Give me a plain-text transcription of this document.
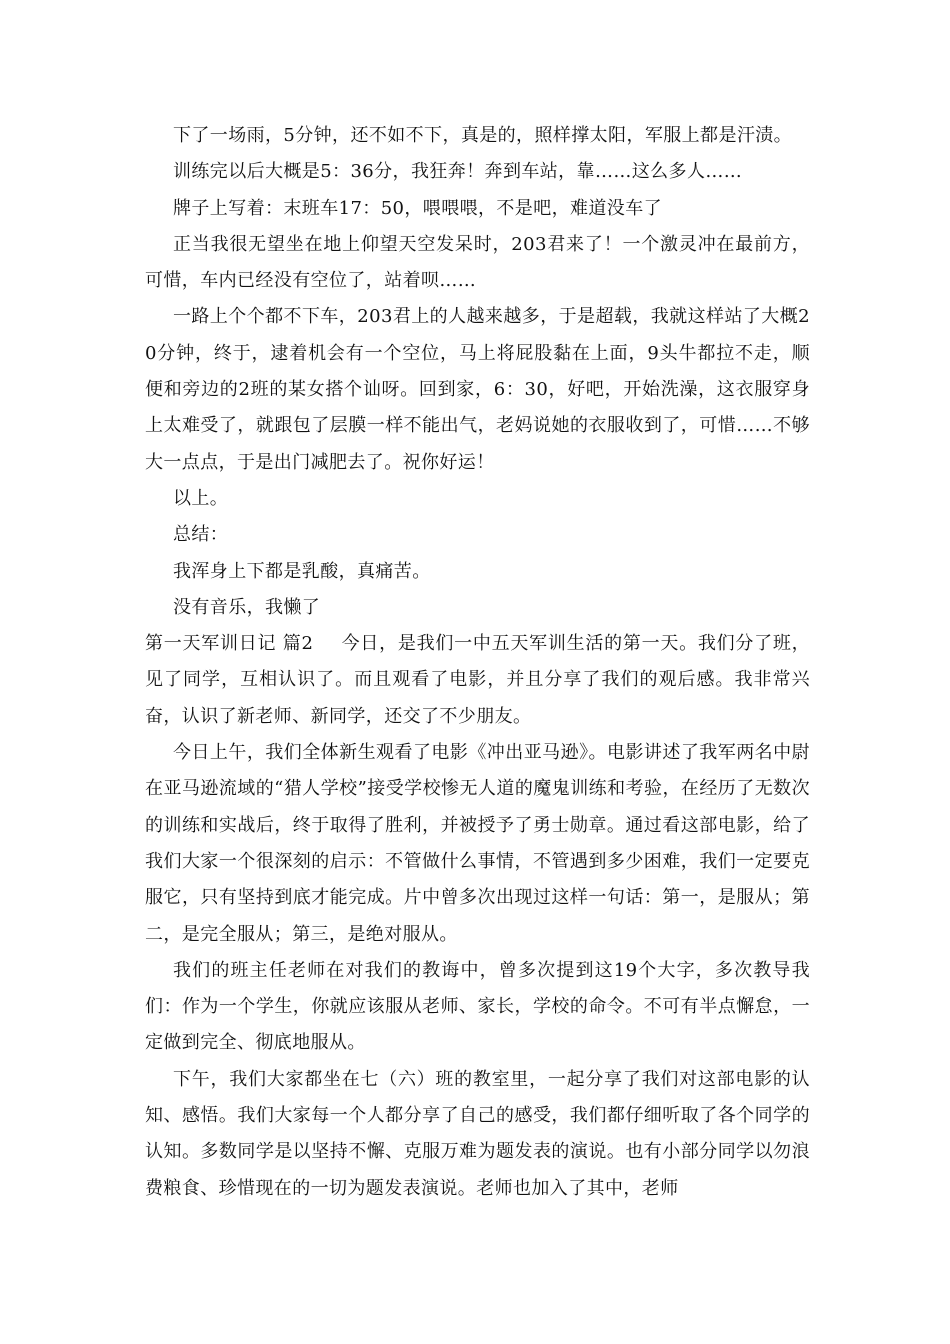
下了一场雨，5分钟，还不如不下，真是的，照样撑太阳，军服上都是汗渍。

训练完以后大概是5：36分，我狂奔！奔到车站，靠……这么多人……

牌子上写着：末班车17：50，喂喂喂，不是吧，难道没车了

正当我很无望坐在地上仰望天空发呆时，203君来了！一个激灵冲在最前方，可惜，车内已经没有空位了，站着呗……

一路上个个都不下车，203君上的人越来越多，于是超载，我就这样站了大概20分钟，终于，逮着机会有一个空位，马上将屁股黏在上面，9头牛都拉不走，顺便和旁边的2班的某女搭个讪呀。回到家，6：30，好吧，开始洗澡，这衣服穿身上太难受了，就跟包了层膜一样不能出气，老妈说她的衣服收到了，可惜……不够大一点点，于是出门减肥去了。祝你好运！

以上。

总结：

我浑身上下都是乳酸，真痛苦。

没有音乐，我懒了

第一天军训日记 篇2 今日，是我们一中五天军训生活的第一天。我们分了班，见了同学，互相认识了。而且观看了电影，并且分享了我们的观后感。我非常兴奋，认识了新老师、新同学，还交了不少朋友。

今日上午，我们全体新生观看了电影《冲出亚马逊》。电影讲述了我军两名中尉在亚马逊流域的“猎人学校”接受学校惨无人道的魔鬼训练和考验，在经历了无数次的训练和实战后，终于取得了胜利，并被授予了勇士勋章。通过看这部电影，给了我们大家一个很深刻的启示：不管做什么事情，不管遇到多少困难，我们一定要克服它，只有坚持到底才能完成。片中曾多次出现过这样一句话：第一，是服从；第二，是完全服从；第三，是绝对服从。

我们的班主任老师在对我们的教诲中，曾多次提到这19个大字，多次教导我们：作为一个学生，你就应该服从老师、家长，学校的命令。不可有半点懈怠，一定做到完全、彻底地服从。

下午，我们大家都坐在七（六）班的教室里，一起分享了我们对这部电影的认知、感悟。我们大家每一个人都分享了自己的感受，我们都仔细听取了各个同学的认知。多数同学是以坚持不懈、克服万难为题发表的演说。也有小部分同学以勿浪费粮食、珍惜现在的一切为题发表演说。老师也加入了其中，老师
